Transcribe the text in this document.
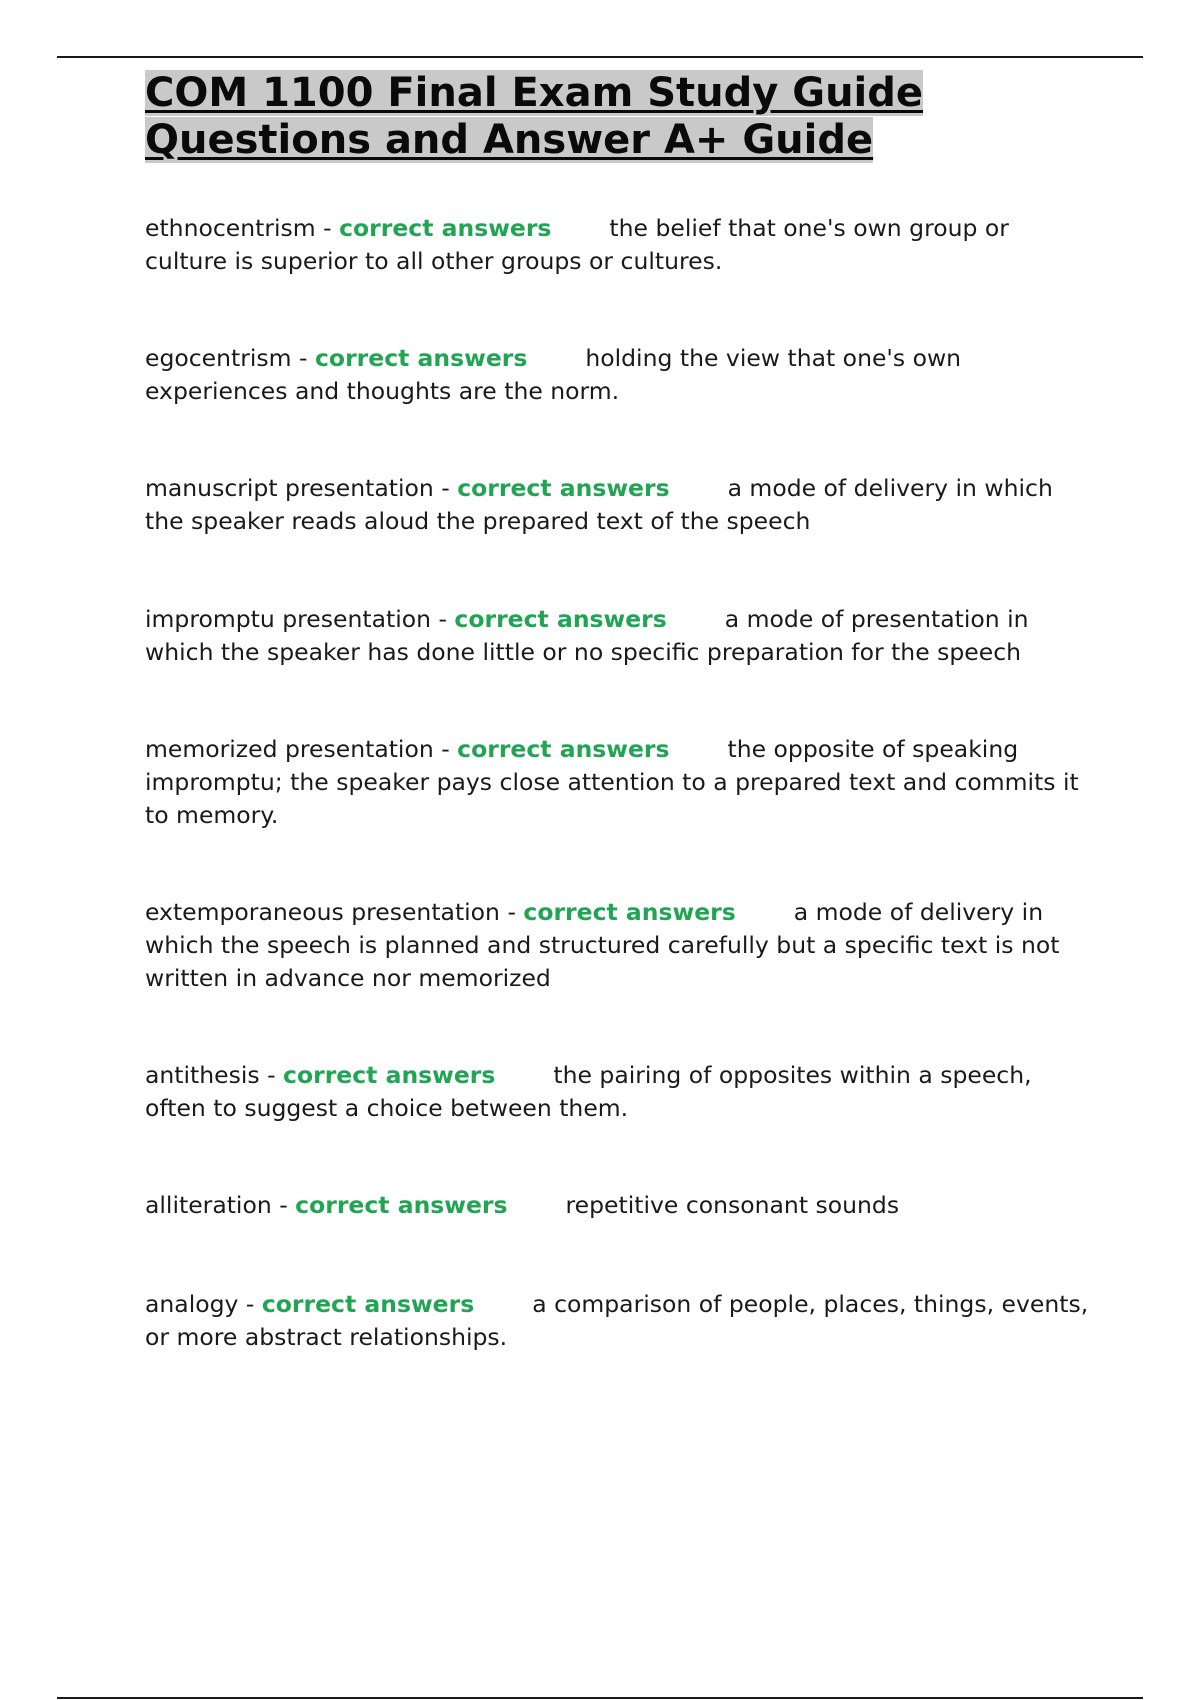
COM 1100 Final Exam Study Guide
Questions and Answer A+ Guide

ethnocentrism - correct answers the belief that one's own group or culture is superior to all other groups or cultures.

egocentrism - correct answers holding the view that one's own experiences and thoughts are the norm.

manuscript presentation - correct answers a mode of delivery in which the speaker reads aloud the prepared text of the speech

impromptu presentation - correct answers a mode of presentation in which the speaker has done little or no specific preparation for the speech

memorized presentation - correct answers the opposite of speaking impromptu; the speaker pays close attention to a prepared text and commits it to memory.

extemporaneous presentation - correct answers a mode of delivery in which the speech is planned and structured carefully but a specific text is not written in advance nor memorized

antithesis - correct answers the pairing of opposites within a speech, often to suggest a choice between them.

alliteration - correct answers repetitive consonant sounds

analogy - correct answers a comparison of people, places, things, events, or more abstract relationships.
